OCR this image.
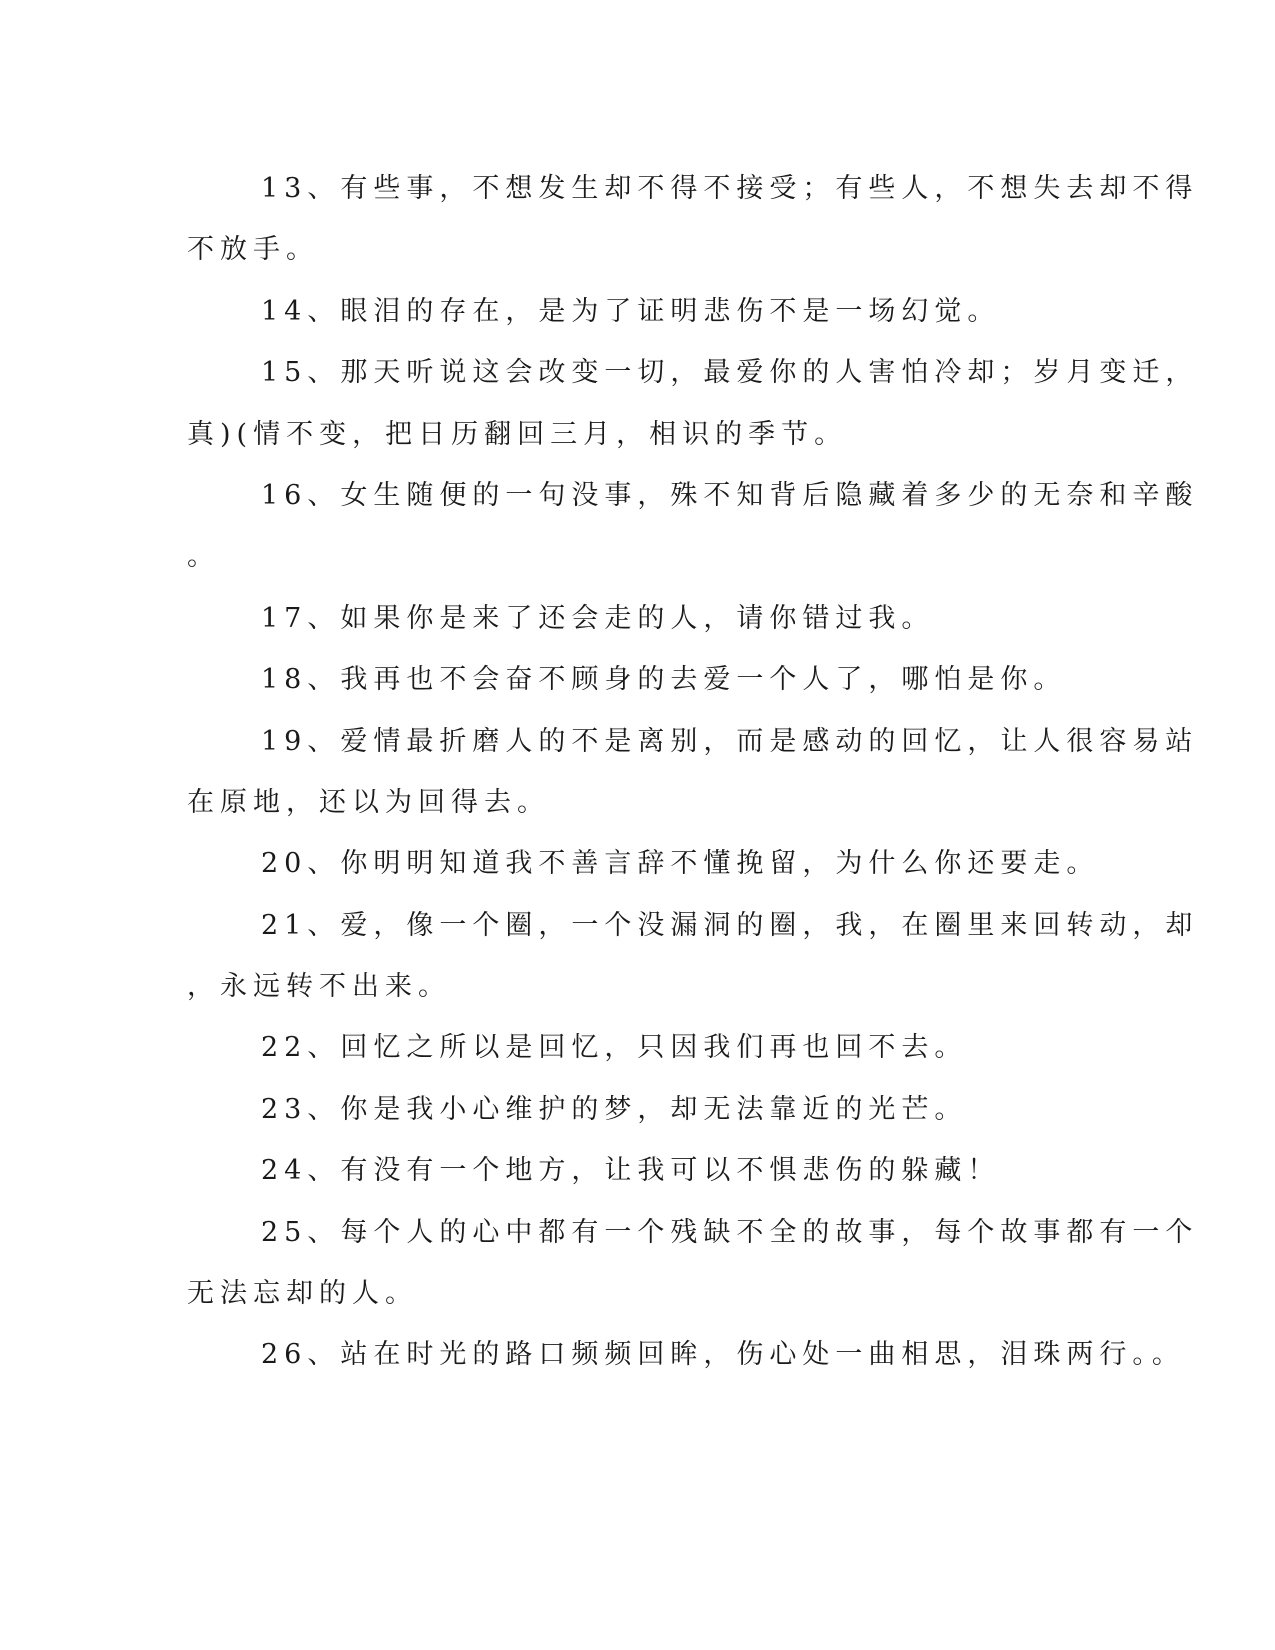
13、有些事，不想发生却不得不接受；有些人，不想失去却不得
不放手。
14、眼泪的存在，是为了证明悲伤不是一场幻觉。
15、那天听说这会改变一切，最爱你的人害怕冷却；岁月变迁，
真)(情不变，把日历翻回三月，相识的季节。
16、女生随便的一句没事，殊不知背后隐藏着多少的无奈和辛酸
。
17、如果你是来了还会走的人，请你错过我。
18、我再也不会奋不顾身的去爱一个人了，哪怕是你。
19、爱情最折磨人的不是离别，而是感动的回忆，让人很容易站
在原地，还以为回得去。
20、你明明知道我不善言辞不懂挽留，为什么你还要走。
21、爱，像一个圈，一个没漏洞的圈，我，在圈里来回转动，却
，永远转不出来。
22、回忆之所以是回忆，只因我们再也回不去。
23、你是我小心维护的梦，却无法靠近的光芒。
24、有没有一个地方，让我可以不惧悲伤的躲藏！
25、每个人的心中都有一个残缺不全的故事，每个故事都有一个
无法忘却的人。
26、站在时光的路口频频回眸，伤心处一曲相思，泪珠两行。。
